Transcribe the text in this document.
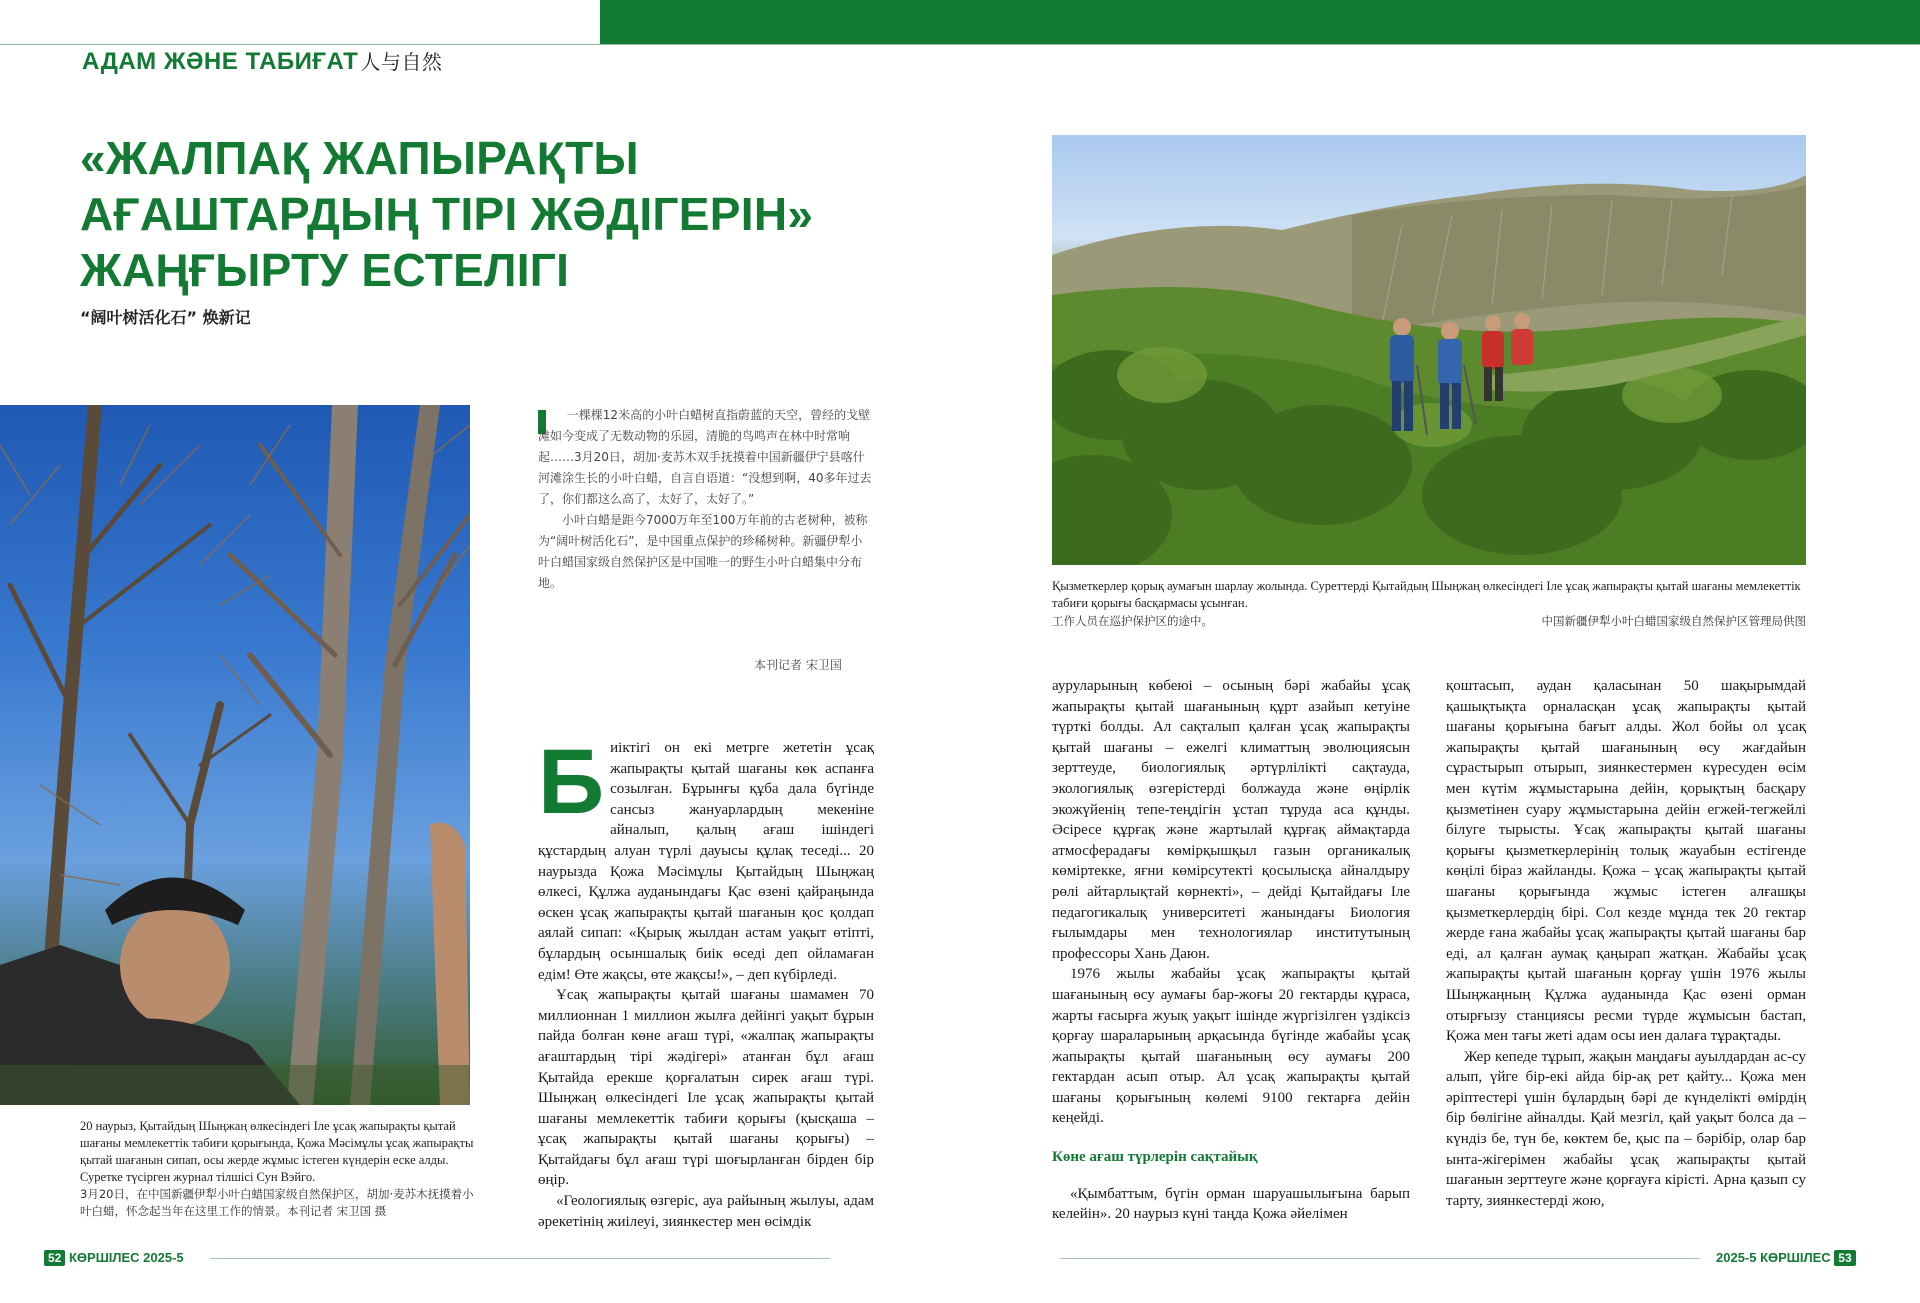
АДАМ ЖӘНЕ ТАБИҒАТ 人与自然
«ЖАЛПАҚ ЖАПЫРАҚТЫ
АҒАШТАРДЫҢ ТІРІ ЖӘДІГЕРІН»
ЖАҢҒЫРТУ ЕСТЕЛІГІ
“阔叶树活化石” 焕新记
20 наурыз, Қытайдың Шыңжаң өлкесіндегі Іле ұсақ жапырақты қытай шағаны мемлекеттік табиғи қорығында, Қожа Мәсімұлы ұсақ жапырақты қытай шағанын сипап, осы жерде жұмыс істеген күндерін еске алды. Суретке түсірген журнал тілшісі Сун Вэйго.
3月20日，在中国新疆伊犁小叶白蜡国家级自然保护区，胡加·麦苏木抚摸着小叶白蜡，怀念起当年在这里工作的情景。本刊记者 宋卫国 摄

一棵棵12米高的小叶白蜡树直指蔚蓝的天空，曾经的戈壁滩如今变成了无数动物的乐园，清脆的鸟鸣声在林中时常响起……3月20日，胡加·麦苏木双手抚摸着中国新疆伊宁县喀什河滩涂生长的小叶白蜡，自言自语道：“没想到啊，40多年过去了，你们都这么高了，太好了，太好了。”

小叶白蜡是距今7000万年至100万年前的古老树种，被称为“阔叶树活化石”，是中国重点保护的珍稀树种。新疆伊犁小叶白蜡国家级自然保护区是中国唯一的野生小叶白蜡集中分布地。

本刊记者 宋卫国
Б иіктігі он екі метрге жететін ұсақ жапырақты қытай шағаны көк аспанға созылған. Бұрынғы құба дала бүгінде сансыз жануарлардың мекеніне айналып, қалың ағаш ішіндегі құстардың алуан түрлі дауысы құлақ теседі... 20 наурызда Қожа Мәсімұлы Қытайдың Шыңжаң өлкесі, Құлжа ауданындағы Қас өзені қайраңында өскен ұсақ жапырақты қытай шағанын қос қолдап аялай сипап: «Қырық жылдан астам уақыт өтіпті, бұлардың осыншалық биік өседі деп ойламаған едім! Өте жақсы, өте жақсы!», – деп күбірледі.

Ұсақ жапырақты қытай шағаны шамамен 70 миллионнан 1 миллион жылға дейінгі уақыт бұрын пайда болған көне ағаш түрі, «жалпақ жапырақты ағаштардың тірі жәдігері» атанған бұл ағаш Қытайда ерекше қорғалатын сирек ағаш түрі. Шыңжаң өлкесіндегі Іле ұсақ жапырақты қытай шағаны мемлекеттік табиғи қорығы (қысқаша – ұсақ жапырақты қытай шағаны қорығы) – Қытайдағы бұл ағаш түрі шоғырланған бірден бір өңір.

«Геологиялық өзгеріс, ауа райының жылуы, адам әрекетінің жиілеуі, зиянкестер мен өсімдік

Қызметкерлер қорық аумағын шарлау жолында. Суреттерді Қытайдың Шыңжаң өлкесіндегі Іле ұсақ жапырақты қытай шағаны мемлекеттік табиғи қорығы басқармасы ұсынған.
工作人员在巡护保护区的途中。	中国新疆伊犁小叶白蜡国家级自然保护区管理局供图

ауруларының көбеюі – осының бәрі жабайы ұсақ жапырақты қытай шағанының құрт азайып кетуіне түрткі болды. Ал сақталып қалған ұсақ жапырақты қытай шағаны – ежелгі климаттың эволюциясын зерттеуде, биологиялық әртүрлілікті сақтауда, экологиялық өзгерістерді болжауда және өңірлік экожүйенің тепе-теңдігін ұстап тұруда аса құнды. Әсіресе құрғақ және жартылай құрғақ аймақтарда атмосферадағы көмірқышқыл газын органикалық көміртекке, яғни көмірсутекті қосылысқа айналдыру рөлі айтарлықтай көрнекті», – дейді Қытайдағы Іле педагогикалық университеті жанындағы Биология ғылымдары мен технологиялар институтының профессоры Хань Даюн.

1976 жылы жабайы ұсақ жапырақты қытай шағанының өсу аумағы бар-жоғы 20 гектарды құраса, жарты ғасырға жуық уақыт ішінде жүргізілген үздіксіз қорғау шараларының арқасында бүгінде жабайы ұсақ жапырақты қытай шағанының өсу аумағы 200 гектардан асып отыр. Ал ұсақ жапырақты қытай шағаны қорығының көлемі 9100 гектарға дейін кеңейді.

Көне ағаш түрлерін сақтайық

«Қымбаттым, бүгін орман шаруашылығына барып келейін». 20 наурыз күні таңда Қожа әйелімен

қоштасып, аудан қаласынан 50 шақырымдай қашықтықта орналасқан ұсақ жапырақты қытай шағаны қорығына бағыт алды. Жол бойы ол ұсақ жапырақты қытай шағанының өсу жағдайын сұрастырып отырып, зиянкестермен күресуден өсім мен күтім жұмыстарына дейін, қорықтың басқару қызметінен суару жұмыстарына дейін егжей-тегжейлі білуге тырысты. Ұсақ жапырақты қытай шағаны қорығы қызметкерлерінің толық жауабын естігенде көңілі біраз жайланды. Қожа – ұсақ жапырақты қытай шағаны қорығында жұмыс істеген алғашқы қызметкерлердің бірі. Сол кезде мұнда тек 20 гектар жерде ғана жабайы ұсақ жапырақты қытай шағаны бар еді, ал қалған аумақ қаңырап жатқан. Жабайы ұсақ жапырақты қытай шағанын қорғау үшін 1976 жылы Шыңжаңның Құлжа ауданында Қас өзені орман отырғызу станциясы ресми түрде жұмысын бастап, Қожа мен тағы жеті адам осы иен далаға тұрақтады.

Жер кепеде тұрып, жақын маңдағы ауылдардан ас-су алып, үйге бір-екі айда бір-ақ рет қайту... Қожа мен әріптестері үшін бұлардың бәрі де күнделікті өмірдің бір бөлігіне айналды. Қай мезгіл, қай уақыт болса да – күндіз бе, түн бе, көктем бе, қыс па – бәрібір, олар бар ынта-жігерімен жабайы ұсақ жапырақты қытай шағанын зерттеуге және қорғауға кірісті. Арна қазып су тарту, зиянкестерді жою,

52 КӨРШІЛЕС 2025-5	2025-5 КӨРШІЛЕС 53
